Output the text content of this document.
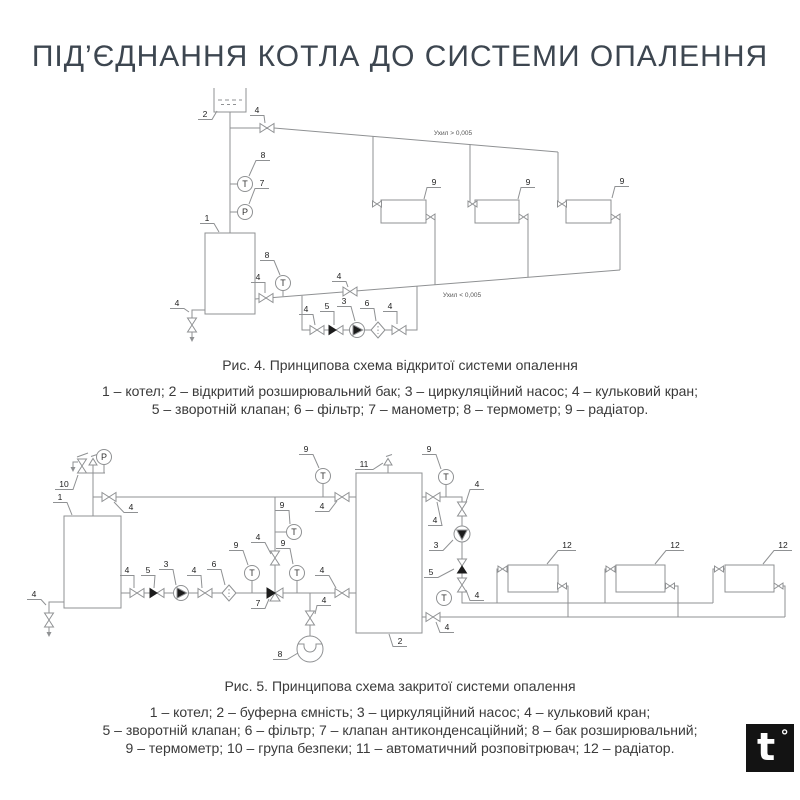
T
P
T
2	4
8
7
1
8
4
4
4
4 5 3 6 4
9	9	9
Ухил > 0,005
Ухил < 0,005
P
T
T
T	T
T
T
10
1
4
4
9
4
4
9
4 5
3
4
6
9	9
7
4
4
8
11
2
9
4
4
3
5
4
4
12	12	12
ПІД’ЄДНАННЯ КОТЛА ДО СИСТЕМИ ОПАЛЕННЯ
Рис. 4. Принципова схема відкритої системи опалення
1 – котел; 2 – відкритий розширювальний бак; 3 – циркуляційний насос; 4 – кульковий кран;
5 – зворотній клапан; 6 – фільтр; 7 – манометр; 8 – термометр; 9 – радіатор.
Рис. 5. Принципова схема закритої системи опалення
1 – котел; 2 – буферна ємність; 3 – циркуляційний насос; 4 – кульковий кран;
5 – зворотній клапан; 6 – фільтр; 7 – клапан антиконденсаційний; 8 – бак розширювальний;
9 – термометр; 10 – група безпеки; 11 – автоматичний розповітрювач; 12 – радіатор.	t °
